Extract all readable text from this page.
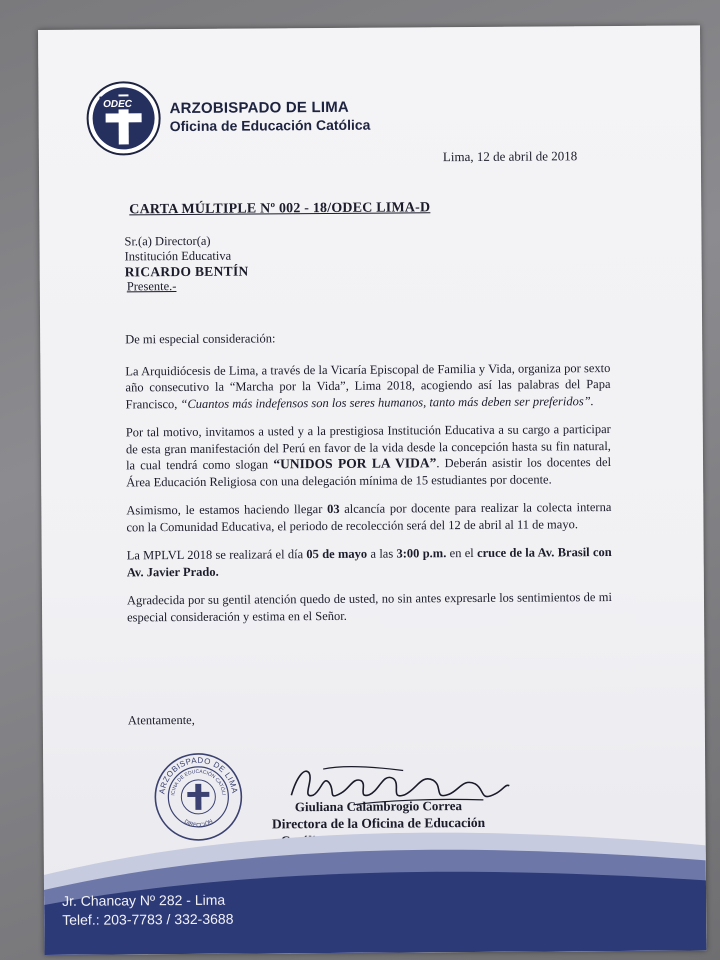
ODEC ARZOBISPADO DE LIMA
Oficina de Educación Católica
Lima, 12 de abril de 2018
CARTA MÚLTIPLE Nº 002 - 18/ODEC LIMA-D
Sr.(a) Director(a)
Institución Educativa
RICARDO BENTÍN
Presente.-

De mi especial consideración:

La Arquidiócesis de Lima, a través de la Vicaría Episcopal de Familia y Vida, organiza por sexto año consecutivo la “Marcha por la Vida”, Lima 2018, acogiendo así las palabras del Papa Francisco, “Cuantos más indefensos son los seres humanos, tanto más deben ser preferidos”.

Por tal motivo, invitamos a usted y a la prestigiosa Institución Educativa a su cargo a participar de esta gran manifestación del Perú en favor de la vida desde la concepción hasta su fin natural, la cual tendrá como slogan “UNIDOS POR LA VIDA”. Deberán asistir los docentes del Área Educación Religiosa con una delegación mínima de 15 estudiantes por docente.

Asimismo, le estamos haciendo llegar 03 alcancía por docente para realizar la colecta interna con la Comunidad Educativa, el periodo de recolección será del 12 de abril al 11 de mayo.

La MPLVL 2018 se realizará el día 05 de mayo a las 3:00 p.m. en el cruce de la Av. Brasil con Av. Javier Prado.

Agradecida por su gentil atención quedo de usted, no sin antes expresarle los sentimientos de mi especial consideración y estima en el Señor.

Atentamente,
ARZOBISPADO DE LIMA
OFICINA DE EDUCACIÓN CATÓLICA
DIRECCIÓN
Giuliana Calambrogio Correa
Directora de la Oficina de Educación
Jr. Chancay Nº 282 - Lima
Telef.: 203-7783 / 332-3688
